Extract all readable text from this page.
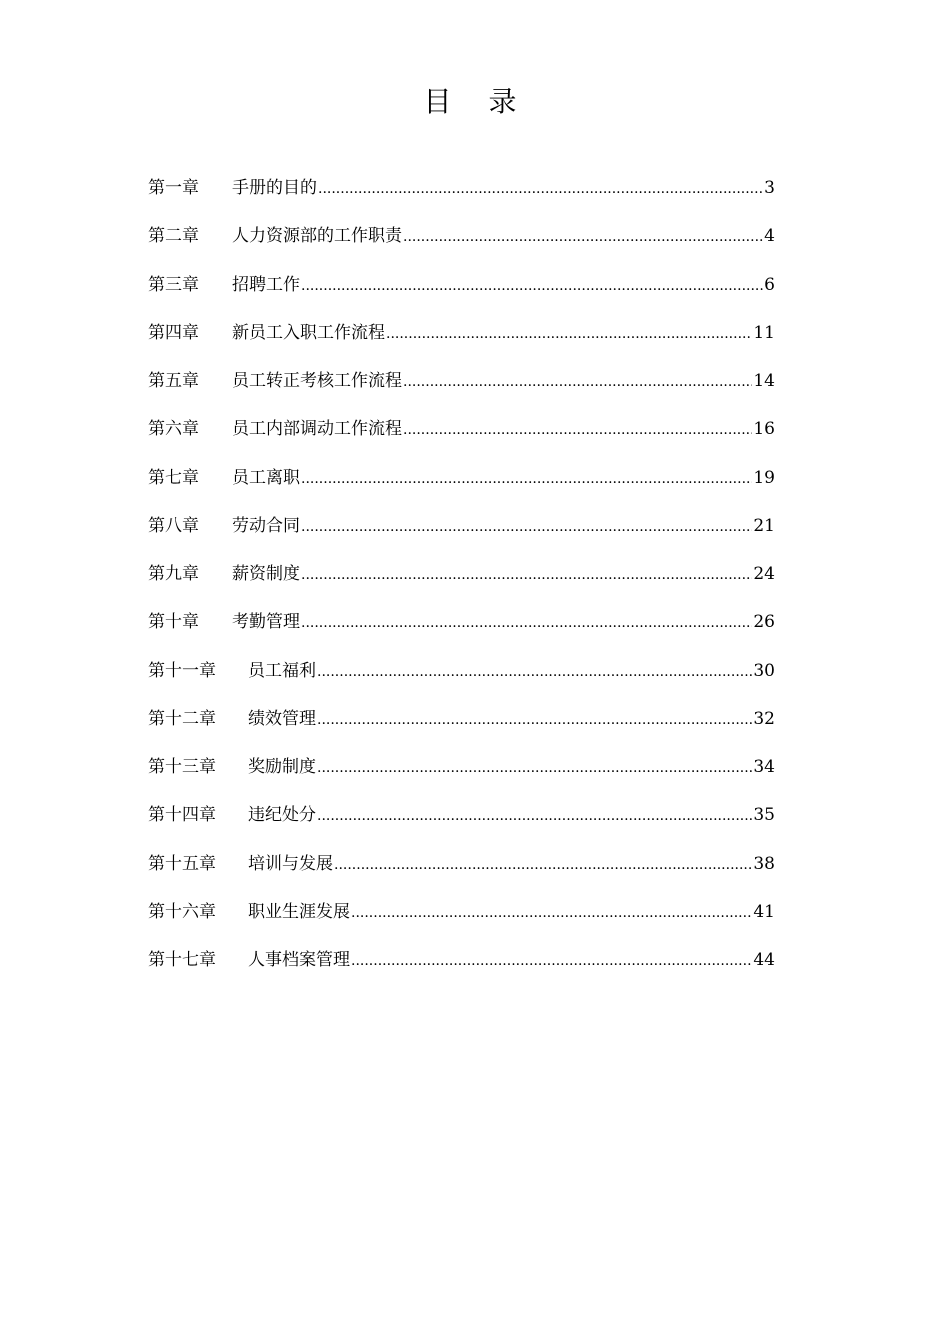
目 录
第一章	手册的目的 .....	3
第二章	人力资源部的工作职责 .....	4
第三章	招聘工作 .....	6
第四章	新员工入职工作流程 .....	11
第五章	员工转正考核工作流程 .....	14
第六章	员工内部调动工作流程 .....	16
第七章	员工离职 .....	19
第八章	劳动合同 .....	21
第九章	薪资制度 .....	24
第十章	考勤管理 .....	26
第十一章	员工福利 .....	30
第十二章	绩效管理 .....	32
第十三章	奖励制度 .....	34
第十四章	违纪处分 .....	35
第十五章	培训与发展 .....	38
第十六章	职业生涯发展 .....	41
第十七章	人事档案管理 .....	44
